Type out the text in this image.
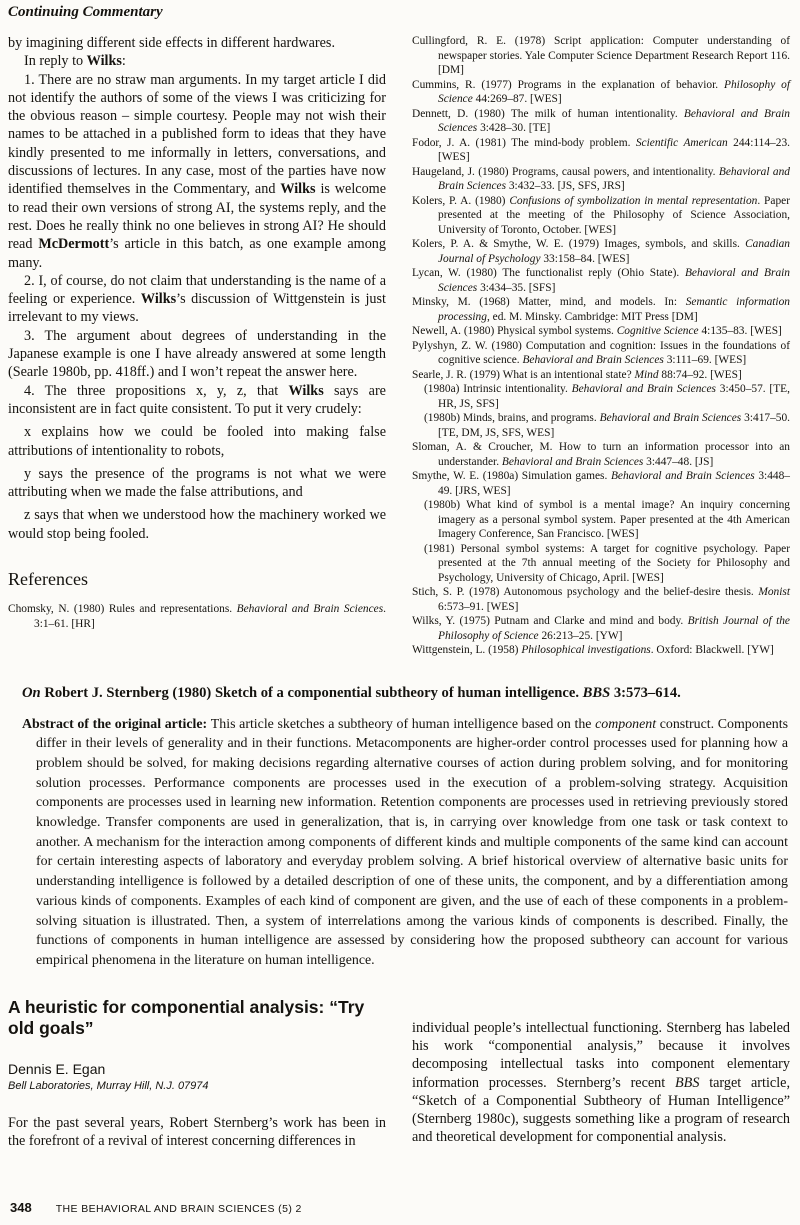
Continuing Commentary

by imagining different side effects in different hardwares.

In reply to Wilks:

1. There are no straw man arguments. In my target article I did not identify the authors of some of the views I was criticizing for the obvious reason – simple courtesy. People may not wish their names to be attached in a published form to ideas that they have kindly presented to me informally in letters, conversations, and discussions of lectures. In any case, most of the parties have now identified themselves in the Commentary, and Wilks is welcome to read their own versions of strong AI, the systems reply, and the rest. Does he really think no one believes in strong AI? He should read McDermott’s article in this batch, as one example among many.

2. I, of course, do not claim that understanding is the name of a feeling or experience. Wilks’s discussion of Wittgenstein is just irrelevant to my views.

3. The argument about degrees of understanding in the Japanese example is one I have already answered at some length (Searle 1980b, pp. 418ff.) and I won’t repeat the answer here.

4. The three propositions x, y, z, that Wilks says are inconsistent are in fact quite consistent. To put it very crudely:

x explains how we could be fooled into making false attributions of intentionality to robots,

y says the presence of the programs is not what we were attributing when we made the false attributions, and

z says that when we understood how the machinery worked we would stop being fooled.

References

Chomsky, N. (1980) Rules and representations. Behavioral and Brain Sciences. 3:1–61. [HR]

Cullingford, R. E. (1978) Script application: Computer understanding of newspaper stories. Yale Computer Science Department Research Report 116. [DM]

Cummins, R. (1977) Programs in the explanation of behavior. Philosophy of Science 44:269–87. [WES]

Dennett, D. (1980) The milk of human intentionality. Behavioral and Brain Sciences 3:428–30. [TE]

Fodor, J. A. (1981) The mind-body problem. Scientific American 244:114–23. [WES]

Haugeland, J. (1980) Programs, causal powers, and intentionality. Behavioral and Brain Sciences 3:432–33. [JS, SFS, JRS]

Kolers, P. A. (1980) Confusions of symbolization in mental representation. Paper presented at the meeting of the Philosophy of Science Association, University of Toronto, October. [WES]

Kolers, P. A. & Smythe, W. E. (1979) Images, symbols, and skills. Canadian Journal of Psychology 33:158–84. [WES]

Lycan, W. (1980) The functionalist reply (Ohio State). Behavioral and Brain Sciences 3:434–35. [SFS]

Minsky, M. (1968) Matter, mind, and models. In: Semantic information processing, ed. M. Minsky. Cambridge: MIT Press [DM]

Newell, A. (1980) Physical symbol systems. Cognitive Science 4:135–83. [WES]

Pylyshyn, Z. W. (1980) Computation and cognition: Issues in the foundations of cognitive science. Behavioral and Brain Sciences 3:111–69. [WES]

Searle, J. R. (1979) What is an intentional state? Mind 88:74–92. [WES]

(1980a) Intrinsic intentionality. Behavioral and Brain Sciences 3:450–57. [TE, HR, JS, SFS]

(1980b) Minds, brains, and programs. Behavioral and Brain Sciences 3:417–50. [TE, DM, JS, SFS, WES]

Sloman, A. & Croucher, M. How to turn an information processor into an understander. Behavioral and Brain Sciences 3:447–48. [JS]

Smythe, W. E. (1980a) Simulation games. Behavioral and Brain Sciences 3:448–49. [JRS, WES]

(1980b) What kind of symbol is a mental image? An inquiry concerning imagery as a personal symbol system. Paper presented at the 4th American Imagery Conference, San Francisco. [WES]

(1981) Personal symbol systems: A target for cognitive psychology. Paper presented at the 7th annual meeting of the Society for Philosophy and Psychology, University of Chicago, April. [WES]

Stich, S. P. (1978) Autonomous psychology and the belief-desire thesis. Monist 6:573–91. [WES]

Wilks, Y. (1975) Putnam and Clarke and mind and body. British Journal of the Philosophy of Science 26:213–25. [YW]

Wittgenstein, L. (1958) Philosophical investigations. Oxford: Blackwell. [YW]

On Robert J. Sternberg (1980) Sketch of a componential subtheory of human intelligence. BBS 3:573–614.

Abstract of the original article: This article sketches a subtheory of human intelligence based on the component construct. Components differ in their levels of generality and in their functions. Metacomponents are higher-order control processes used for planning how a problem should be solved, for making decisions regarding alternative courses of action during problem solving, and for monitoring solution processes. Performance components are processes used in the execution of a problem-solving strategy. Acquisition components are processes used in learning new information. Retention components are processes used in retrieving previously stored knowledge. Transfer components are used in generalization, that is, in carrying over knowledge from one task or task context to another. A mechanism for the interaction among components of different kinds and multiple components of the same kind can account for certain interesting aspects of laboratory and everyday problem solving. A brief historical overview of alternative basic units for understanding intelligence is followed by a detailed description of one of these units, the component, and by a differentiation among various kinds of components. Examples of each kind of component are given, and the use of each of these components in a problem-solving situation is illustrated. Then, a system of interrelations among the various kinds of components is described. Finally, the functions of components in human intelligence are assessed by considering how the proposed subtheory can account for various empirical phenomena in the literature on human intelligence.

A heuristic for componential analysis: “Try old goals”
Dennis E. Egan
Bell Laboratories, Murray Hill, N.J. 07974

For the past several years, Robert Sternberg’s work has been in the forefront of a revival of interest concerning differences in

individual people’s intellectual functioning. Sternberg has labeled his work “componential analysis,” because it involves decomposing intellectual tasks into component elementary information processes. Sternberg’s recent BBS target article, “Sketch of a Componential Subtheory of Human Intelligence” (Sternberg 1980c), suggests something like a program of research and theoretical development for componential analysis.

348 THE BEHAVIORAL AND BRAIN SCIENCES (5) 2
